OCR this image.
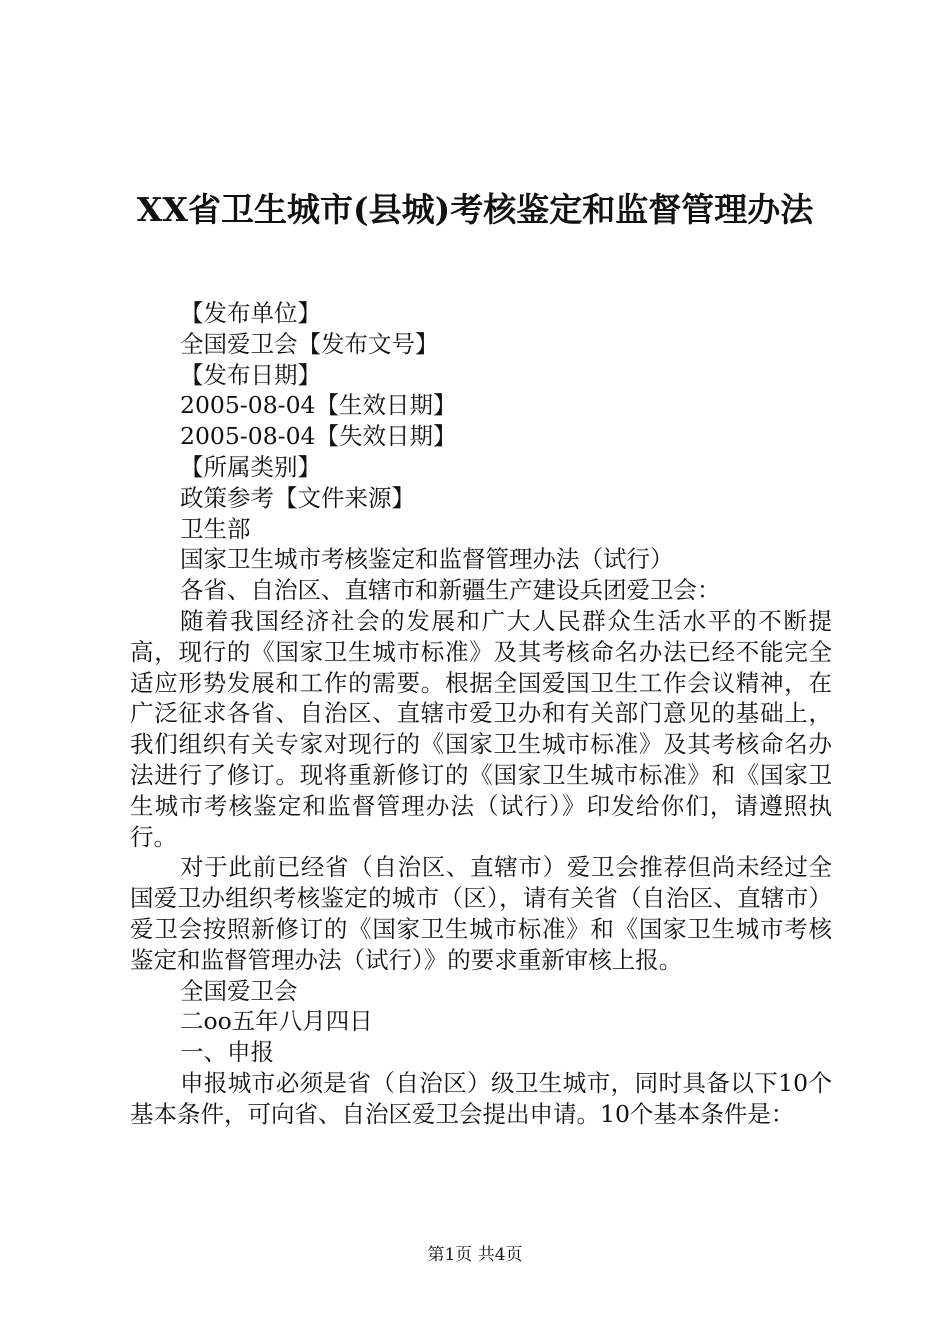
XX省卫生城市(县城)考核鉴定和监督管理办法
【发布单位】
全国爱卫会【发布文号】
【发布日期】
2005-08-04【生效日期】
2005-08-04【失效日期】
【所属类别】
政策参考【文件来源】
卫生部
国家卫生城市考核鉴定和监督管理办法（试行）
各省、自治区、直辖市和新疆生产建设兵团爱卫会：
随着我国经济社会的发展和广大人民群众生活水平的不断提高，现行的《国家卫生城市标准》及其考核命名办法已经不能完全适应形势发展和工作的需要。根据全国爱国卫生工作会议精神，在广泛征求各省、自治区、直辖市爱卫办和有关部门意见的基础上，我们组织有关专家对现行的《国家卫生城市标准》及其考核命名办法进行了修订。现将重新修订的《国家卫生城市标准》和《国家卫生城市考核鉴定和监督管理办法（试行）》印发给你们，请遵照执行。
对于此前已经省（自治区、直辖市）爱卫会推荐但尚未经过全国爱卫办组织考核鉴定的城市（区），请有关省（自治区、直辖市）爱卫会按照新修订的《国家卫生城市标准》和《国家卫生城市考核鉴定和监督管理办法（试行）》的要求重新审核上报。
全国爱卫会
二oo五年八月四日
一、申报
申报城市必须是省（自治区）级卫生城市，同时具备以下10个基本条件，可向省、自治区爱卫会提出申请。10个基本条件是：
第1页 共4页
